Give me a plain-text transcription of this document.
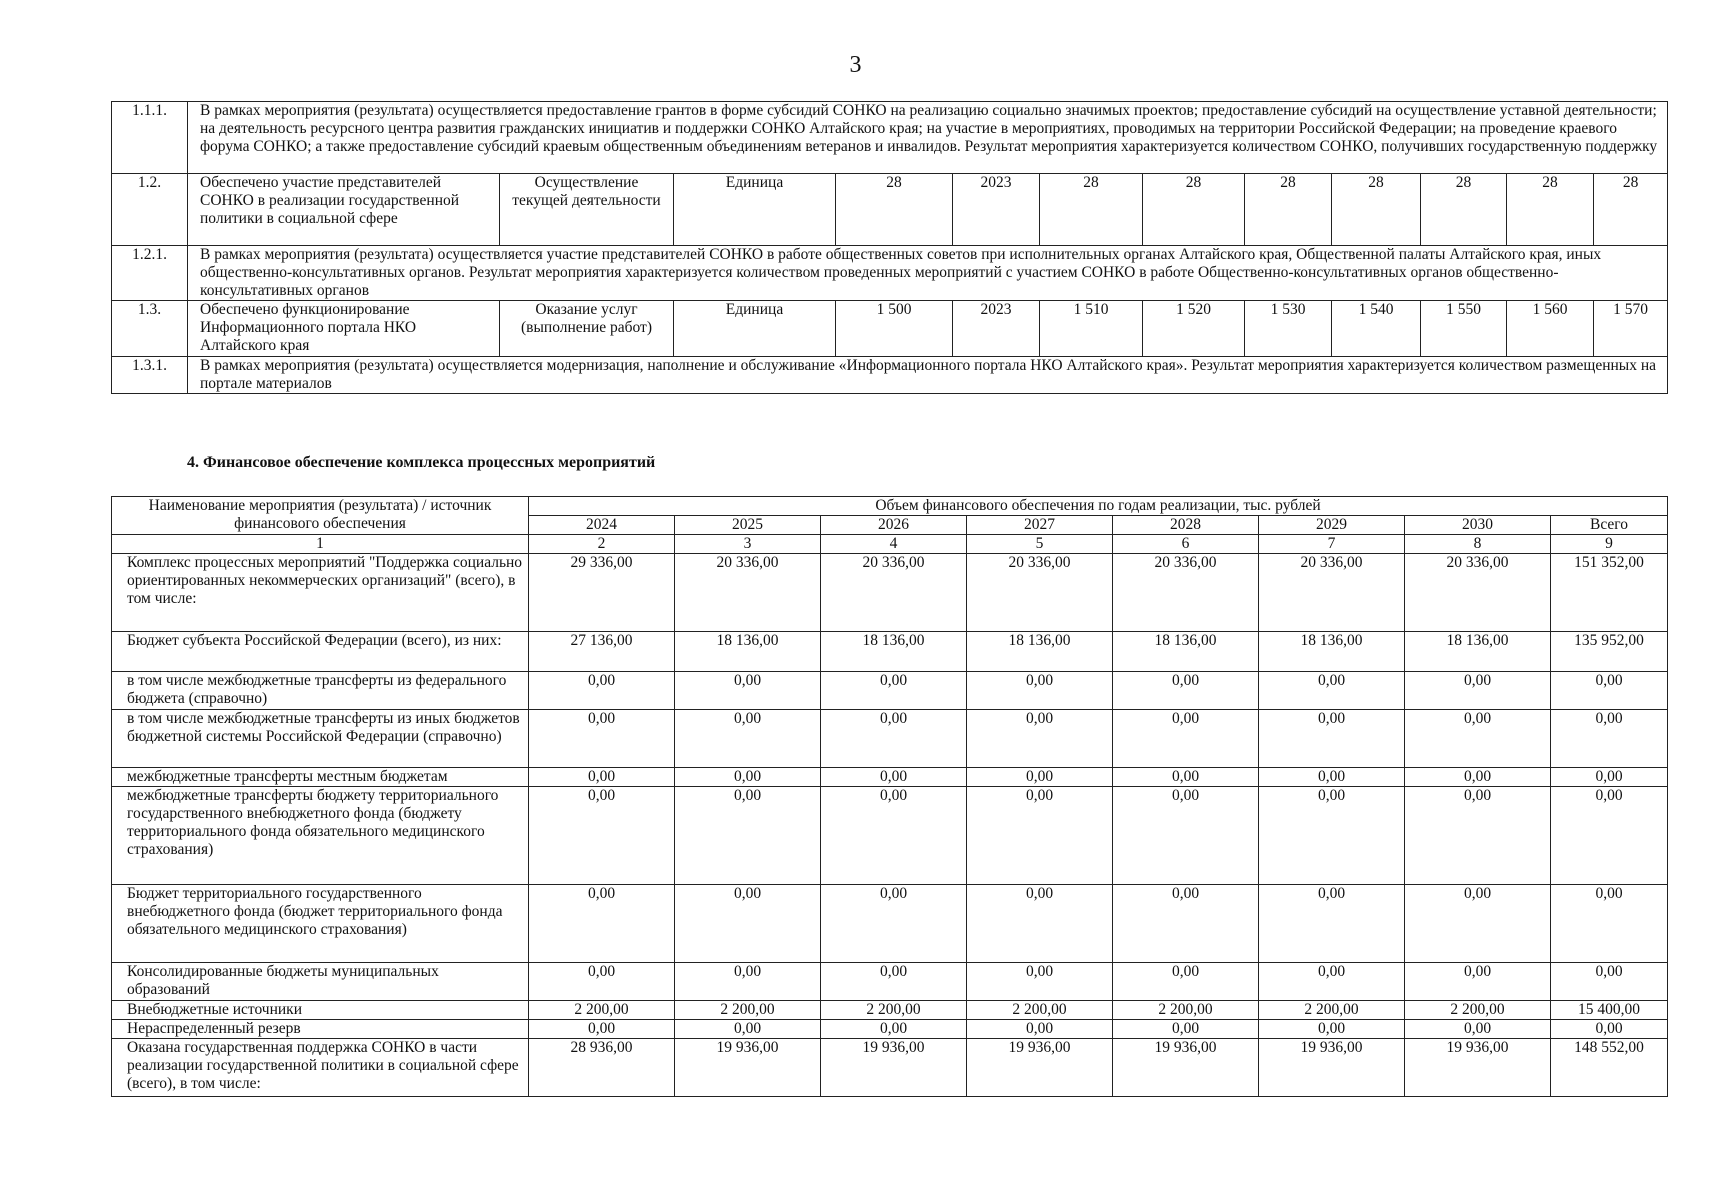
3
1.1.1.	В рамках мероприятия (результата) осуществляется предоставление грантов в форме субсидий СОНКО на реализацию социально значимых проектов; предоставление субсидий на осуществление уставной деятельности; на деятельность ресурсного центра развития гражданских инициатив и поддержки СОНКО Алтайского края; на участие в мероприятиях, проводимых на территории Российской Федерации; на проведение краевого форума СОНКО; а также предоставление субсидий краевым общественным объединениям ветеранов и инвалидов. Результат мероприятия характеризуется количеством СОНКО, получивших государственную поддержку											
1.2.	Обеспечено участие представителей СОНКО в реализации государственной политики в социальной сфере	Осуществление текущей деятельности	Единица	28	2023	28	28	28	28	28	28	28
1.2.1.	В рамках мероприятия (результата) осуществляется участие представителей СОНКО в работе общественных советов при исполнительных органах Алтайского края, Общественной палаты Алтайского края, иных общественно-консультативных органов. Результат мероприятия характеризуется количеством проведенных мероприятий с участием СОНКО в работе Общественно-консультативных органов общественно-консультативных органов											
1.3.	Обеспечено функционирование Информационного портала НКО Алтайского края	Оказание услуг (выполнение работ)	Единица	1 500	2023	1 510	1 520	1 530	1 540	1 550	1 560	1 570
1.3.1.	В рамках мероприятия (результата) осуществляется модернизация, наполнение и обслуживание «Информационного портала НКО Алтайского края». Результат мероприятия характеризуется количеством размещенных на портале материалов											
4. Финансовое обеспечение комплекса процессных мероприятий
Наименование мероприятия (результата) / источник финансового обеспечения	Объем финансового обеспечения по годам реализации, тыс. рублей							
	2024	2025	2026	2027	2028	2029	2030	Всего
1	2	3	4	5	6	7	8	9
Комплекс процессных мероприятий "Поддержка социально ориентированных некоммерческих организаций" (всего), в том числе:	29 336,00	20 336,00	20 336,00	20 336,00	20 336,00	20 336,00	20 336,00	151 352,00
Бюджет субъекта Российской Федерации (всего), из них:	27 136,00	18 136,00	18 136,00	18 136,00	18 136,00	18 136,00	18 136,00	135 952,00
в том числе межбюджетные трансферты из федерального бюджета (справочно)	0,00	0,00	0,00	0,00	0,00	0,00	0,00	0,00
в том числе межбюджетные трансферты из иных бюджетов бюджетной системы Российской Федерации (справочно)	0,00	0,00	0,00	0,00	0,00	0,00	0,00	0,00
межбюджетные трансферты местным бюджетам	0,00	0,00	0,00	0,00	0,00	0,00	0,00	0,00
межбюджетные трансферты бюджету территориального государственного внебюджетного фонда (бюджету территориального фонда обязательного медицинского страхования)	0,00	0,00	0,00	0,00	0,00	0,00	0,00	0,00
Бюджет территориального государственного внебюджетного фонда (бюджет территориального фонда обязательного медицинского страхования)	0,00	0,00	0,00	0,00	0,00	0,00	0,00	0,00
Консолидированные бюджеты муниципальных образований	0,00	0,00	0,00	0,00	0,00	0,00	0,00	0,00
Внебюджетные источники	2 200,00	2 200,00	2 200,00	2 200,00	2 200,00	2 200,00	2 200,00	15 400,00
Нераспределенный резерв	0,00	0,00	0,00	0,00	0,00	0,00	0,00	0,00
Оказана государственная поддержка СОНКО в части реализации государственной политики в социальной сфере (всего), в том числе:	28 936,00	19 936,00	19 936,00	19 936,00	19 936,00	19 936,00	19 936,00	148 552,00
